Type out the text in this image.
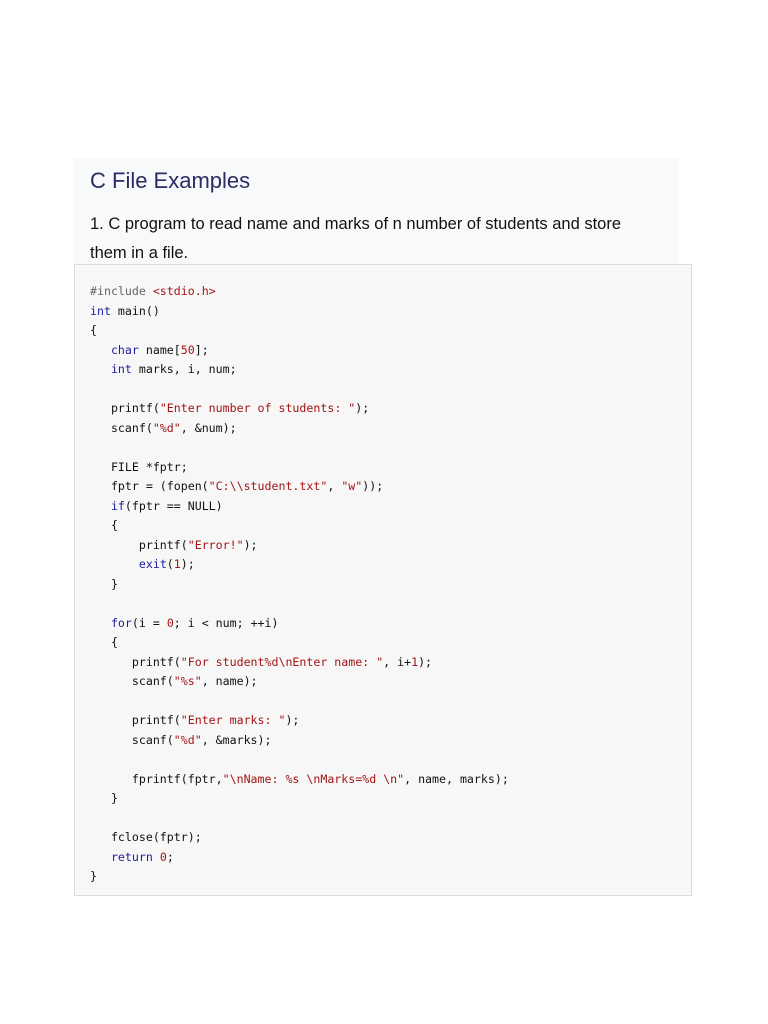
C File Examples

1. C program to read name and marks of n number of students and store
them in a file.

#include <stdio.h>
int main()
{
char name[50];
int marks, i, num;
printf("Enter number of students: ");
scanf("%d", &num);
FILE *fptr;
fptr = (fopen("C:\\student.txt", "w"));
if(fptr == NULL)
{
printf("Error!");
exit(1);
}
for(i = 0; i < num; ++i)
{
printf("For student%d\nEnter name: ", i+1);
scanf("%s", name);
printf("Enter marks: ");
scanf("%d", &marks);
fprintf(fptr,"\nName: %s \nMarks=%d \n", name, marks);
}
fclose(fptr);
return 0;
}
